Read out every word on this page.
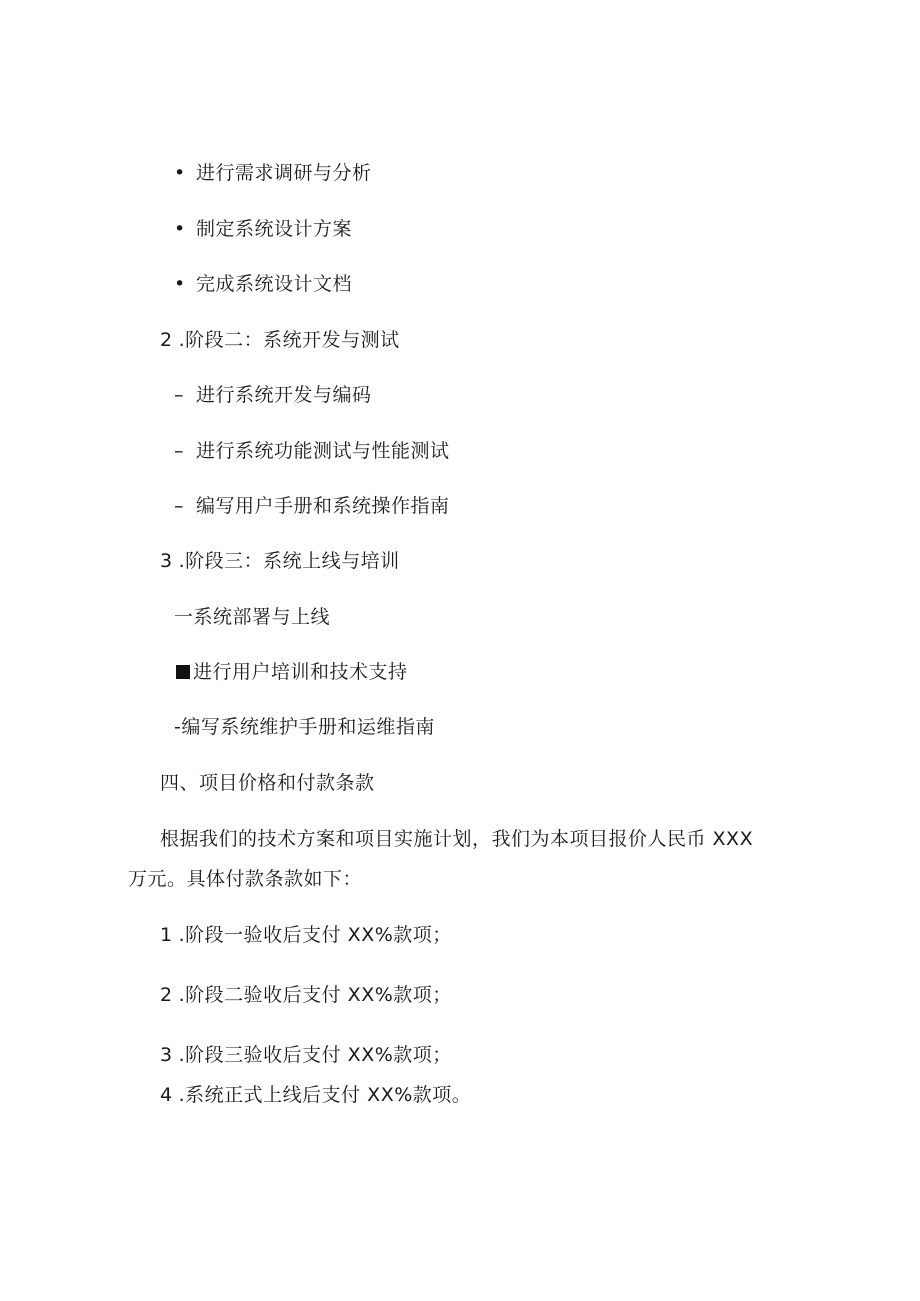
• 进行需求调研与分析
• 制定系统设计方案
• 完成系统设计文档
2 .阶段二：系统开发与测试
– 进行系统开发与编码
– 进行系统功能测试与性能测试
– 编写用户手册和系统操作指南
3 .阶段三：系统上线与培训
一系统部署与上线
进行用户培训和技术支持
-编写系统维护手册和运维指南
四、项目价格和付款条款
根据我们的技术方案和项目实施计划，我们为本项目报价人民币 XXX
万元。具体付款条款如下：
1 .阶段一验收后支付 XX%款项；
2 .阶段二验收后支付 XX%款项；
3 .阶段三验收后支付 XX%款项；
4 .系统正式上线后支付 XX%款项。
